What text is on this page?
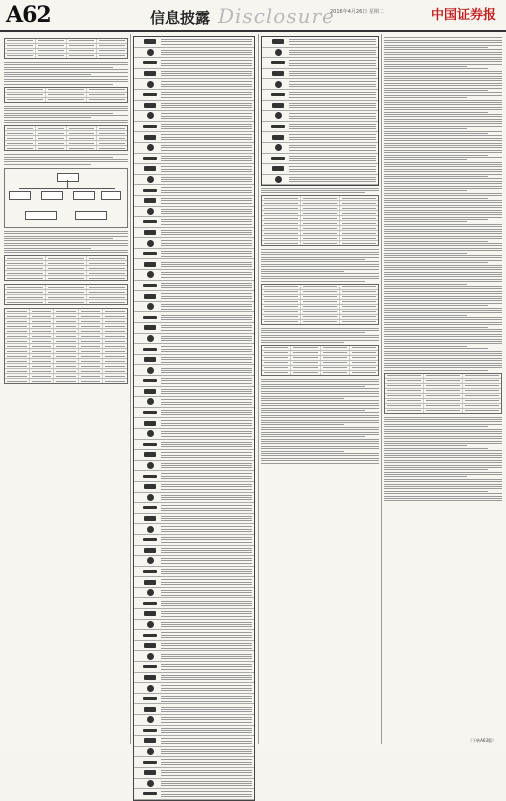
A62	信息披露 Disclosure
2016年4月26日 星期二	中国证券报
（下转A63版）
